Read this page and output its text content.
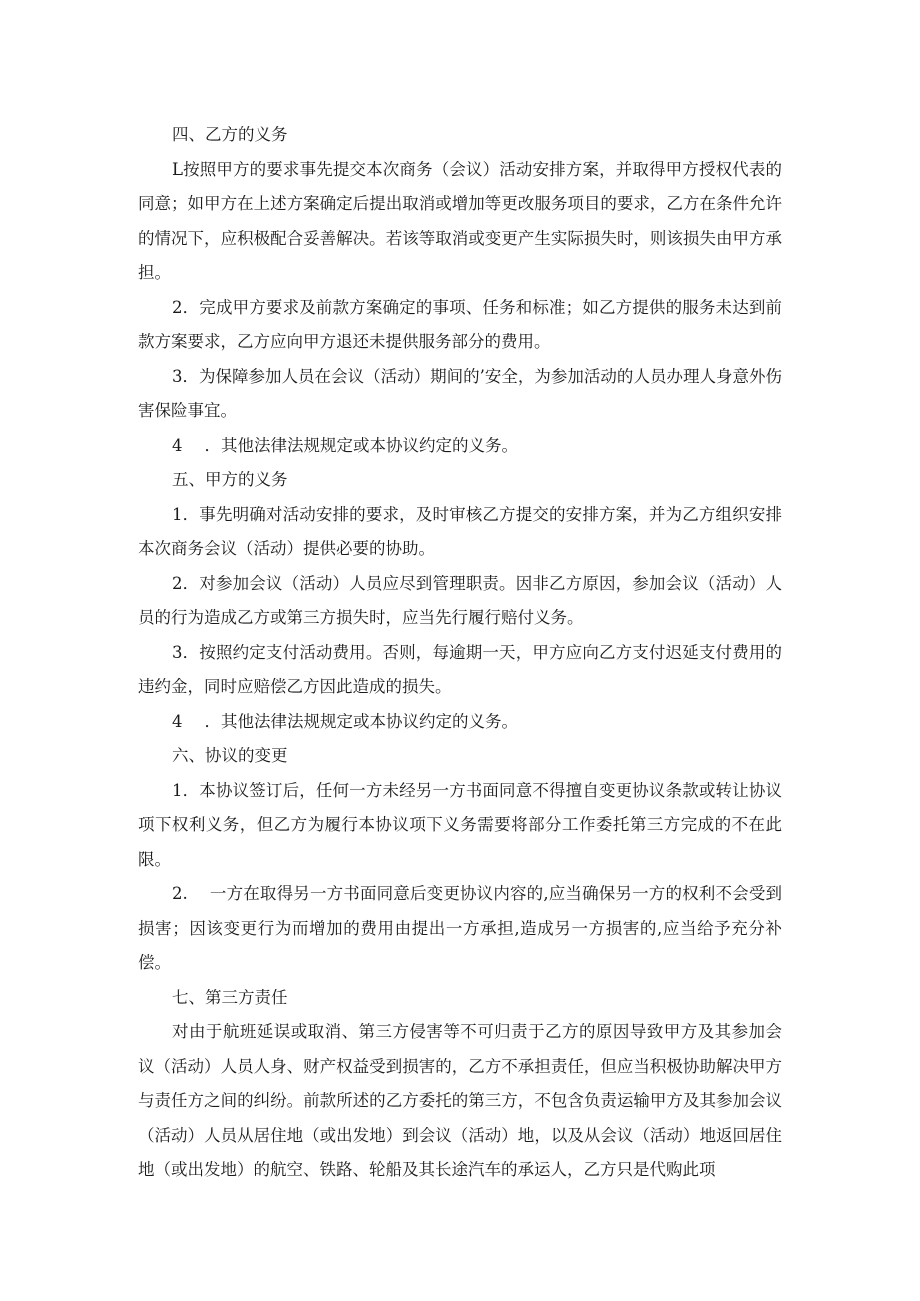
四、乙方的义务

L按照甲方的要求事先提交本次商务（会议）活动安排方案，并取得甲方授权代表的同意；如甲方在上述方案确定后提出取消或增加等更改服务项目的要求，乙方在条件允许的情况下，应积极配合妥善解决。若该等取消或变更产生实际损失时，则该损失由甲方承担。

2．完成甲方要求及前款方案确定的事项、任务和标准；如乙方提供的服务未达到前款方案要求，乙方应向甲方退还未提供服务部分的费用。

3．为保障参加人员在会议（活动）期间的’安全，为参加活动的人员办理人身意外伤害保险事宜。

4 ．其他法律法规规定或本协议约定的义务。

五、甲方的义务

1．事先明确对活动安排的要求，及时审核乙方提交的安排方案，并为乙方组织安排本次商务会议（活动）提供必要的协助。

2．对参加会议（活动）人员应尽到管理职责。因非乙方原因，参加会议（活动）人员的行为造成乙方或第三方损失时，应当先行履行赔付义务。

3．按照约定支付活动费用。否则，每逾期一天，甲方应向乙方支付迟延支付费用的违约金，同时应赔偿乙方因此造成的损失。

4 ．其他法律法规规定或本协议约定的义务。

六、协议的变更

1．本协议签订后，任何一方未经另一方书面同意不得擅自变更协议条款或转让协议项下权利义务，但乙方为履行本协议项下义务需要将部分工作委托第三方完成的不在此限。

2. 一方在取得另一方书面同意后变更协议内容的,应当确保另一方的权利不会受到损害；因该变更行为而增加的费用由提出一方承担,造成另一方损害的,应当给予充分补偿。

七、第三方责任

对由于航班延误或取消、第三方侵害等不可归责于乙方的原因导致甲方及其参加会议（活动）人员人身、财产权益受到损害的，乙方不承担责任，但应当积极协助解决甲方与责任方之间的纠纷。前款所述的乙方委托的第三方，不包含负责运输甲方及其参加会议（活动）人员从居住地（或出发地）到会议（活动）地，以及从会议（活动）地返回居住地（或出发地）的航空、铁路、轮船及其长途汽车的承运人，乙方只是代购此项
